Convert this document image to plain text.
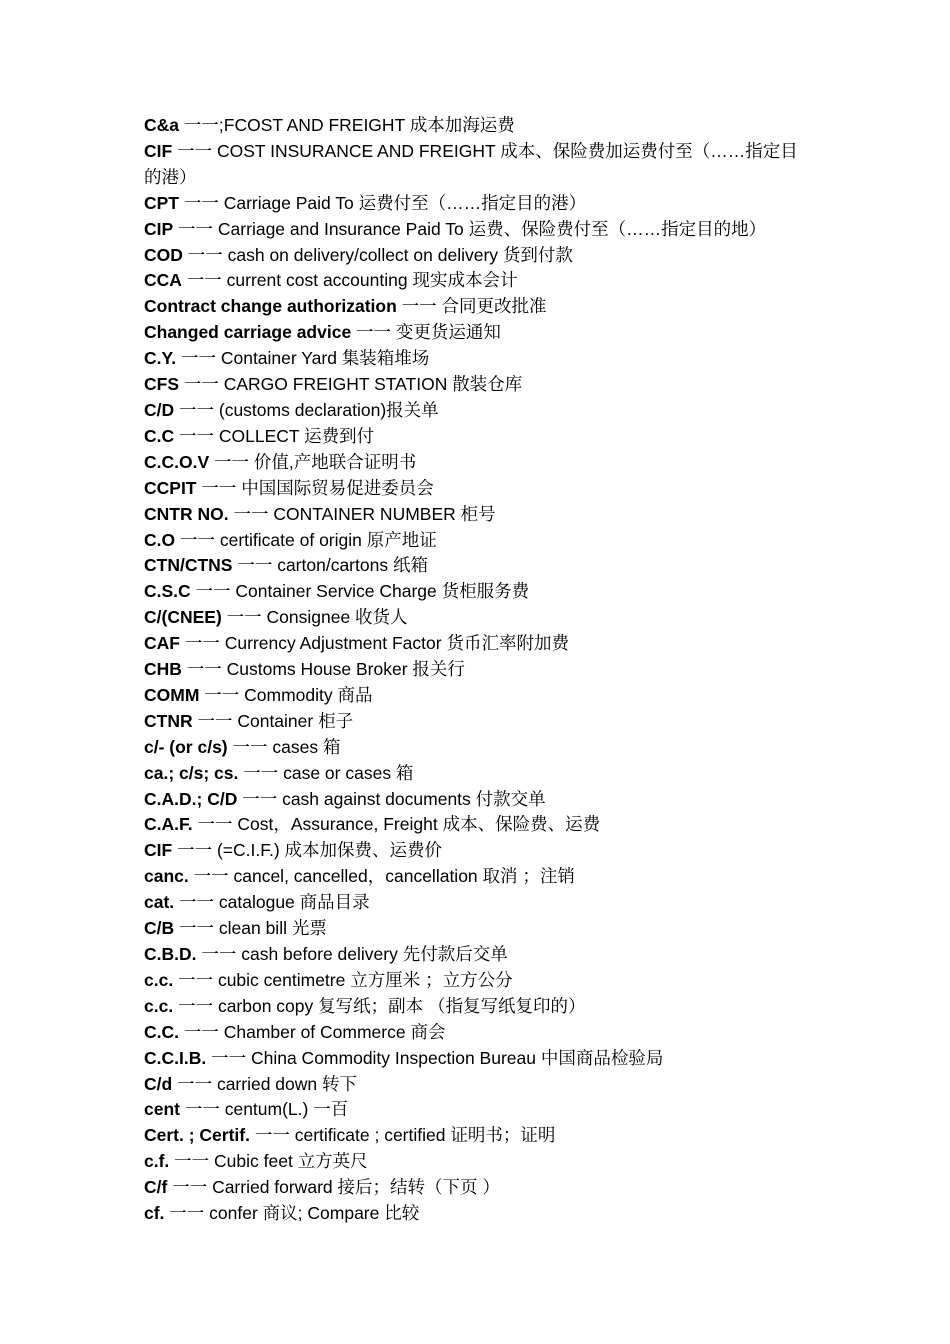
C&a 一一;FCOST AND FREIGHT 成本加海运费
CIF 一一 COST INSURANCE AND FREIGHT 成本、保险费加运费付至（……指定目的港）
CPT 一一 Carriage Paid To 运费付至（……指定目的港）
CIP 一一 Carriage and Insurance Paid To 运费、保险费付至（……指定目的地）
COD 一一 cash on delivery/collect on delivery 货到付款
CCA 一一 current cost accounting 现实成本会计
Contract change authorization 一一 合同更改批准
Changed carriage advice 一一 变更货运通知
C.Y. 一一 Container Yard 集装箱堆场
CFS 一一 CARGO FREIGHT STATION 散装仓库
C/D 一一 (customs declaration)报关单
C.C 一一 COLLECT 运费到付
C.C.O.V 一一 价值,产地联合证明书
CCPIT 一一 中国国际贸易促进委员会
CNTR NO. 一一 CONTAINER NUMBER 柜号
C.O 一一 certificate of origin 原产地证
CTN/CTNS 一一 carton/cartons 纸箱
C.S.C 一一 Container Service Charge 货柜服务费
C/(CNEE) 一一 Consignee 收货人
CAF 一一 Currency Adjustment Factor 货币汇率附加费
CHB 一一 Customs House Broker 报关行
COMM 一一 Commodity 商品
CTNR 一一 Container 柜子
c/- (or c/s) 一一 cases 箱
ca.; c/s; cs. 一一 case or cases 箱
C.A.D.; C/D 一一 cash against documents 付款交单
C.A.F. 一一 Cost，Assurance, Freight 成本、保险费、运费
CIF 一一 (=C.I.F.) 成本加保费、运费价
canc. 一一 cancel, cancelled，cancellation 取消 ；注销
cat. 一一 catalogue 商品目录
C/B 一一 clean bill 光票
C.B.D. 一一 cash before delivery 先付款后交单
c.c. 一一 cubic centimetre 立方厘米 ；立方公分
c.c. 一一 carbon copy 复写纸；副本 （指复写纸复印的）
C.C. 一一 Chamber of Commerce 商会
C.C.I.B. 一一 China Commodity Inspection Bureau 中国商品检验局
C/d 一一 carried down 转下
cent 一一 centum(L.) 一百
Cert. ; Certif. 一一 certificate ; certified 证明书；证明
c.f. 一一 Cubic feet 立方英尺
C/f 一一 Carried forward 接后；结转（下页 ）
cf. 一一 confer 商议; Compare 比较
